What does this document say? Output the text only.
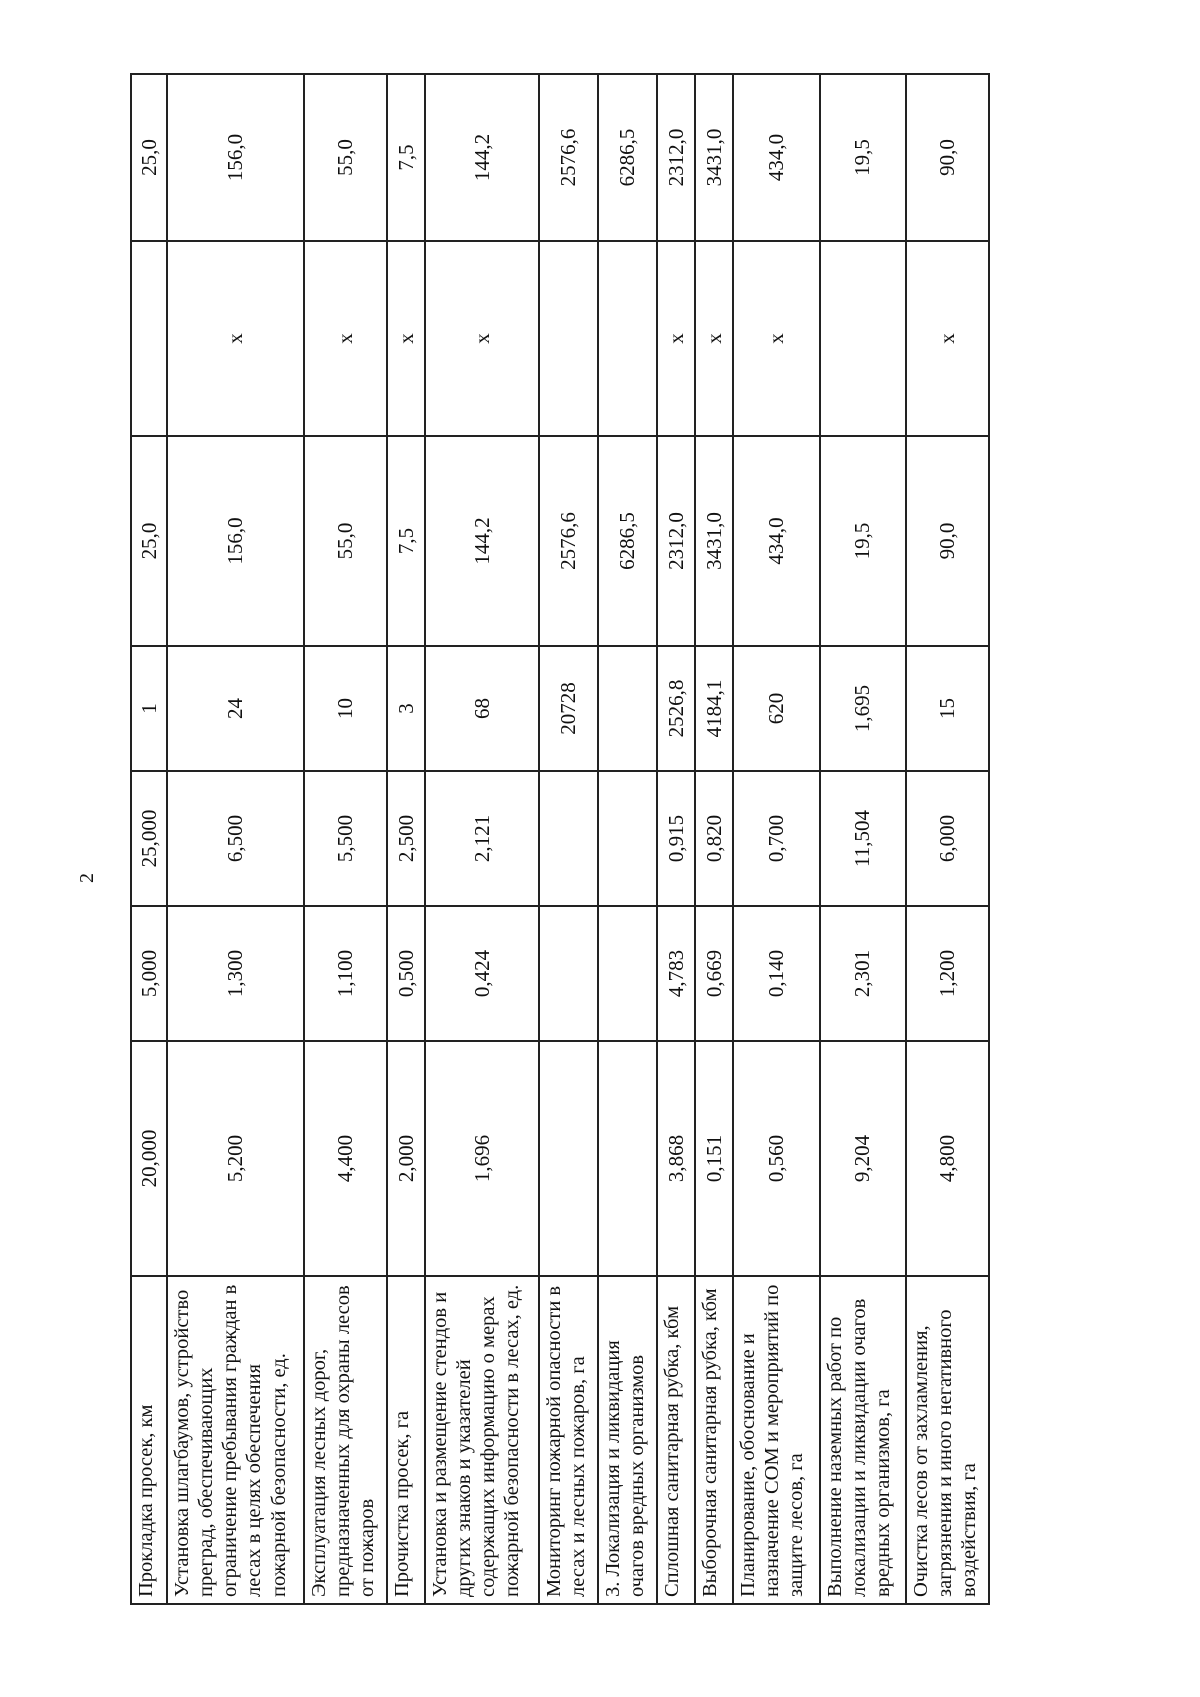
2
Прокладка просек, км	20,000	5,000	25,000	1	25,0		25,0
Установка шлагбаумов, устройство преград, обеспечивающих ограничение пребывания граждан в лесах в целях обеспечения пожарной безопасности, ед.	5,200	1,300	6,500	24	156,0	x	156,0
Эксплуатация лесных дорог, предназначенных для охраны лесов от пожаров	4,400	1,100	5,500	10	55,0	x	55,0
Прочистка просек, га	2,000	0,500	2,500	3	7,5	x	7,5
Установка и размещение стендов и других знаков и указателей содержащих информацию о мерах пожарной безопасности в лесах, ед.	1,696	0,424	2,121	68	144,2	x	144,2
Мониторинг пожарной опасности в лесах и лесных пожаров, га				20728	2576,6		2576,6
3. Локализация и ликвидация очагов вредных организмов					6286,5		6286,5
Сплошная санитарная рубка, кбм	3,868	4,783	0,915	2526,8	2312,0	x	2312,0
Выборочная санитарная рубка, кбм	0,151	0,669	0,820	4184,1	3431,0	x	3431,0
Планирование, обоснование и назначение СОМ и мероприятий по защите лесов, га	0,560	0,140	0,700	620	434,0	x	434,0
Выполнение наземных работ по локализации и ликвидации очагов вредных организмов, га	9,204	2,301	11,504	1,695	19,5		19,5
Очистка лесов от захламления, загрязнения и иного негативного воздействия, га	4,800	1,200	6,000	15	90,0	x	90,0
